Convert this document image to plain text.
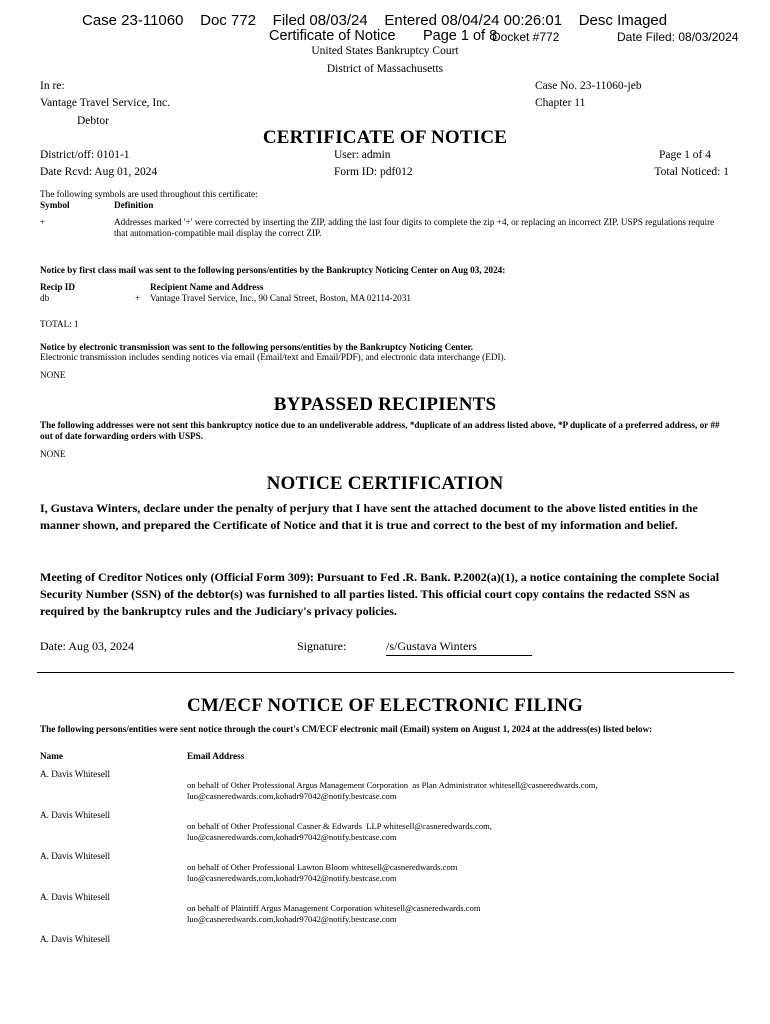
Case 23-11060    Doc 772    Filed 08/03/24    Entered 08/04/24 00:26:01    Desc Imaged
Certificate of Notice Page 1 of 8
Docket #772	Date Filed: 08/03/2024
United States Bankruptcy Court
District of Massachusetts
In re:
Vantage Travel Service, Inc.
Debtor
Case No. 23-11060-jeb
Chapter 11
CERTIFICATE OF NOTICE
District/off: 0101-1
Date Rcvd: Aug 01, 2024
User: admin
Form ID: pdf012
Page 1 of 4
Total Noticed: 1
The following symbols are used throughout this certificate:
Symbol	Definition
+	Addresses marked '+' were corrected by inserting the ZIP, adding the last four digits to complete the zip +4, or replacing an incorrect ZIP. USPS regulations require that automation-compatible mail display the correct ZIP.
Notice by first class mail was sent to the following persons/entities by the Bankruptcy Noticing Center on Aug 03, 2024:
Recip ID	Recipient Name and Address
db	+ Vantage Travel Service, Inc., 90 Canal Street, Boston, MA 02114-2031
TOTAL: 1
Notice by electronic transmission was sent to the following persons/entities by the Bankruptcy Noticing Center.
Electronic transmission includes sending notices via email (Email/text and Email/PDF), and electronic data interchange (EDI).
NONE
BYPASSED RECIPIENTS
The following addresses were not sent this bankruptcy notice due to an undeliverable address, *duplicate of an address listed above, *P duplicate of a preferred address, or ## out of date forwarding orders with USPS.
NONE
NOTICE CERTIFICATION
I, Gustava Winters, declare under the penalty of perjury that I have sent the attached document to the above listed entities in the manner shown, and prepared the Certificate of Notice and that it is true and correct to the best of my information and belief.
Meeting of Creditor Notices only (Official Form 309): Pursuant to Fed .R. Bank. P.2002(a)(1), a notice containing the complete Social Security Number (SSN) of the debtor(s) was furnished to all parties listed. This official court copy contains the redacted SSN as required by the bankruptcy rules and the Judiciary's privacy policies.
Date: Aug 03, 2024	Signature:	/s/Gustava Winters
CM/ECF NOTICE OF ELECTRONIC FILING
The following persons/entities were sent notice through the court's CM/ECF electronic mail (Email) system on August 1, 2024 at the address(es) listed below:
Name	Email Address
A. Davis Whitesell
on behalf of Other Professional Argus Management Corporation  as Plan Administrator whitesell@casneredwards.com,
luo@casneredwards.com,kohadr97042@notify.bestcase.com
A. Davis Whitesell
on behalf of Other Professional Casner & Edwards  LLP whitesell@casneredwards.com,
luo@casneredwards.com,kohadr97042@notify.bestcase.com
A. Davis Whitesell
on behalf of Other Professional Lawton Bloom whitesell@casneredwards.com
luo@casneredwards.com,kohadr97042@notify.bestcase.com
A. Davis Whitesell
on behalf of Plaintiff Argus Management Corporation whitesell@casneredwards.com
luo@casneredwards.com,kohadr97042@notify.bestcase.com
A. Davis Whitesell
